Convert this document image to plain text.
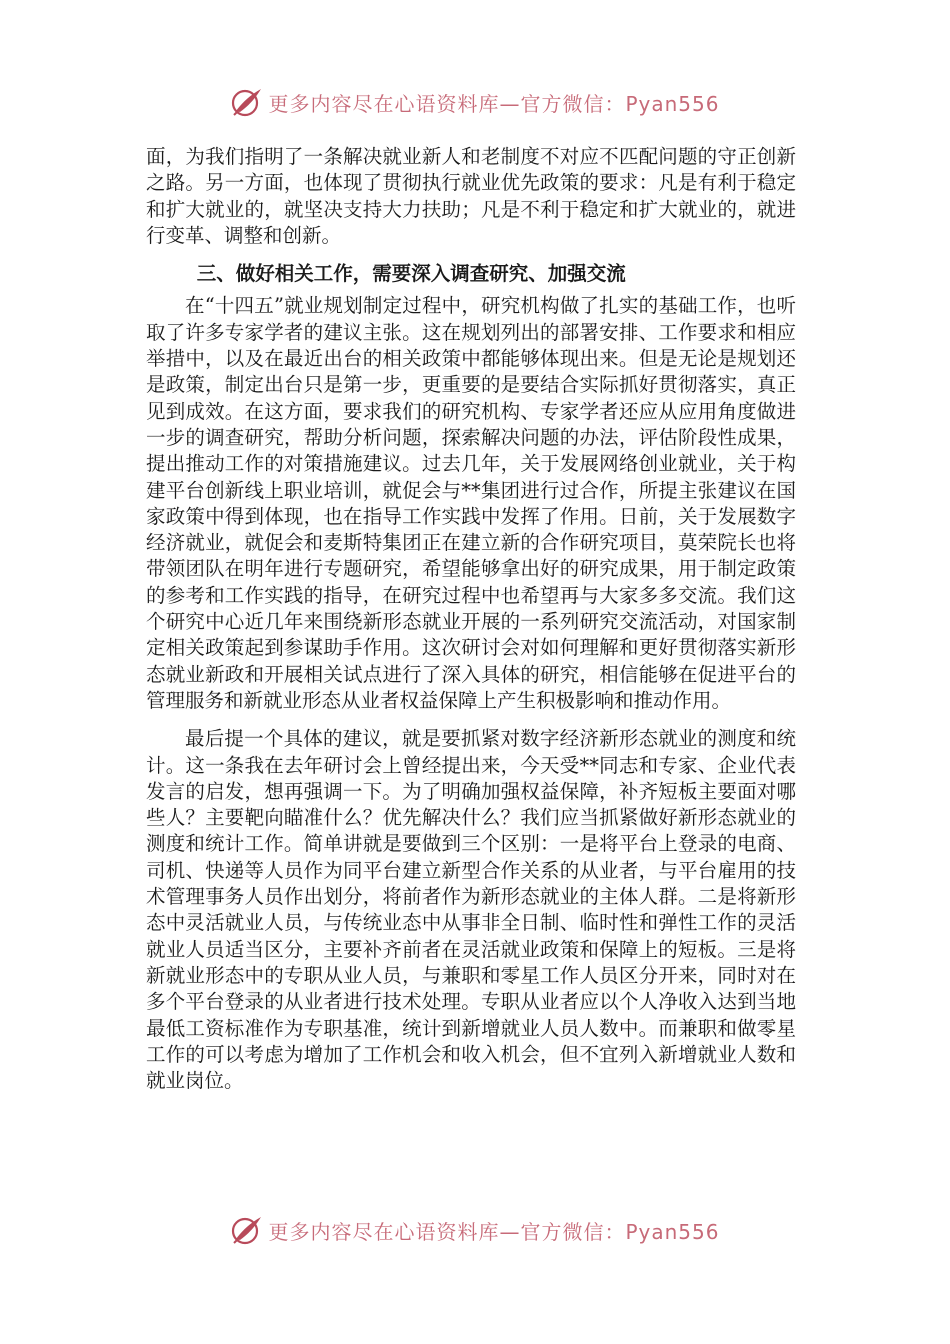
更多内容尽在心语资料库—官方微信：Pyan556

面，为我们指明了一条解决就业新人和老制度不对应不匹配问题的守正创新之路。另一方面，也体现了贯彻执行就业优先政策的要求：凡是有利于稳定和扩大就业的，就坚决支持大力扶助；凡是不利于稳定和扩大就业的，就进行变革、调整和创新。

三、做好相关工作，需要深入调查研究、加强交流

在“十四五”就业规划制定过程中，研究机构做了扎实的基础工作，也听取了许多专家学者的建议主张。这在规划列出的部署安排、工作要求和相应举措中，以及在最近出台的相关政策中都能够体现出来。但是无论是规划还是政策，制定出台只是第一步，更重要的是要结合实际抓好贯彻落实，真正见到成效。在这方面，要求我们的研究机构、专家学者还应从应用角度做进一步的调查研究，帮助分析问题，探索解决问题的办法，评估阶段性成果，提出推动工作的对策措施建议。过去几年，关于发展网络创业就业，关于构建平台创新线上职业培训，就促会与**集团进行过合作，所提主张建议在国家政策中得到体现，也在指导工作实践中发挥了作用。日前，关于发展数字经济就业，就促会和麦斯特集团正在建立新的合作研究项目，莫荣院长也将带领团队在明年进行专题研究，希望能够拿出好的研究成果，用于制定政策的参考和工作实践的指导，在研究过程中也希望再与大家多多交流。我们这个研究中心近几年来围绕新形态就业开展的一系列研究交流活动，对国家制定相关政策起到参谋助手作用。这次研讨会对如何理解和更好贯彻落实新形态就业新政和开展相关试点进行了深入具体的研究，相信能够在促进平台的管理服务和新就业形态从业者权益保障上产生积极影响和推动作用。

最后提一个具体的建议，就是要抓紧对数字经济新形态就业的测度和统计。这一条我在去年研讨会上曾经提出来，今天受**同志和专家、企业代表发言的启发，想再强调一下。为了明确加强权益保障，补齐短板主要面对哪些人？主要靶向瞄准什么？优先解决什么？我们应当抓紧做好新形态就业的测度和统计工作。简单讲就是要做到三个区别：一是将平台上登录的电商、司机、快递等人员作为同平台建立新型合作关系的从业者，与平台雇用的技术管理事务人员作出划分，将前者作为新形态就业的主体人群。二是将新形态中灵活就业人员，与传统业态中从事非全日制、临时性和弹性工作的灵活就业人员适当区分，主要补齐前者在灵活就业政策和保障上的短板。三是将新就业形态中的专职从业人员，与兼职和零星工作人员区分开来，同时对在多个平台登录的从业者进行技术处理。专职从业者应以个人净收入达到当地最低工资标准作为专职基准，统计到新增就业人员人数中。而兼职和做零星工作的可以考虑为增加了工作机会和收入机会，但不宜列入新增就业人数和就业岗位。

更多内容尽在心语资料库—官方微信：Pyan556
